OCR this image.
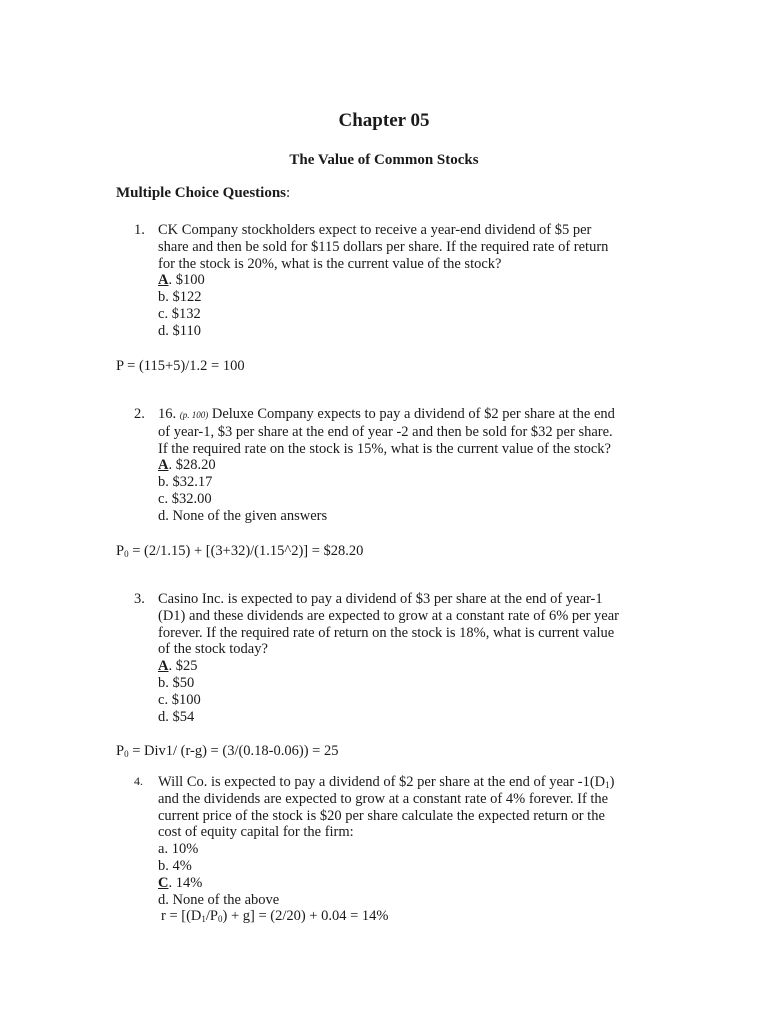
Chapter 05
The Value of Common Stocks
Multiple Choice Questions:
1. CK Company stockholders expect to receive a year-end dividend of $5 per
share and then be sold for $115 dollars per share. If the required rate of return
for the stock is 20%, what is the current value of the stock?
A. $100
b. $122
c. $132
d. $110
P = (115+5)/1.2 = 100
2. 16. (p. 100) Deluxe Company expects to pay a dividend of $2 per share at the end
of year-1, $3 per share at the end of year -2 and then be sold for $32 per share.
If the required rate on the stock is 15%, what is the current value of the stock?
A. $28.20
b. $32.17
c. $32.00
d. None of the given answers
$P_0 = (2/1.15)$ + [(3+32)/(1.15^2)] = $28.20
3. Casino Inc. is expected to pay a dividend of $3 per share at the end of year-1
(D1) and these dividends are expected to grow at a constant rate of 6% per year
forever. If the required rate of return on the stock is 18%, what is current value
of the stock today?
A. $25
b. $50
c. $100
d. $54
$P_0 = Div1/$ (r-g) = (3/(0.18-0.06)) = 25
4. Will Co. is expected to pay a dividend of $2 per share at the end of year $-1(D_1)$
and the dividends are expected to grow at a constant rate of 4% forever. If the
current price of the stock is $20 per share calculate the expected return or the
cost of equity capital for the firm:
a. 10%
b. 4%
C. 14%
d. None of the above
$r = [(D_1/P_0) + g] = (2/20) + 0.04 = 14\%$
